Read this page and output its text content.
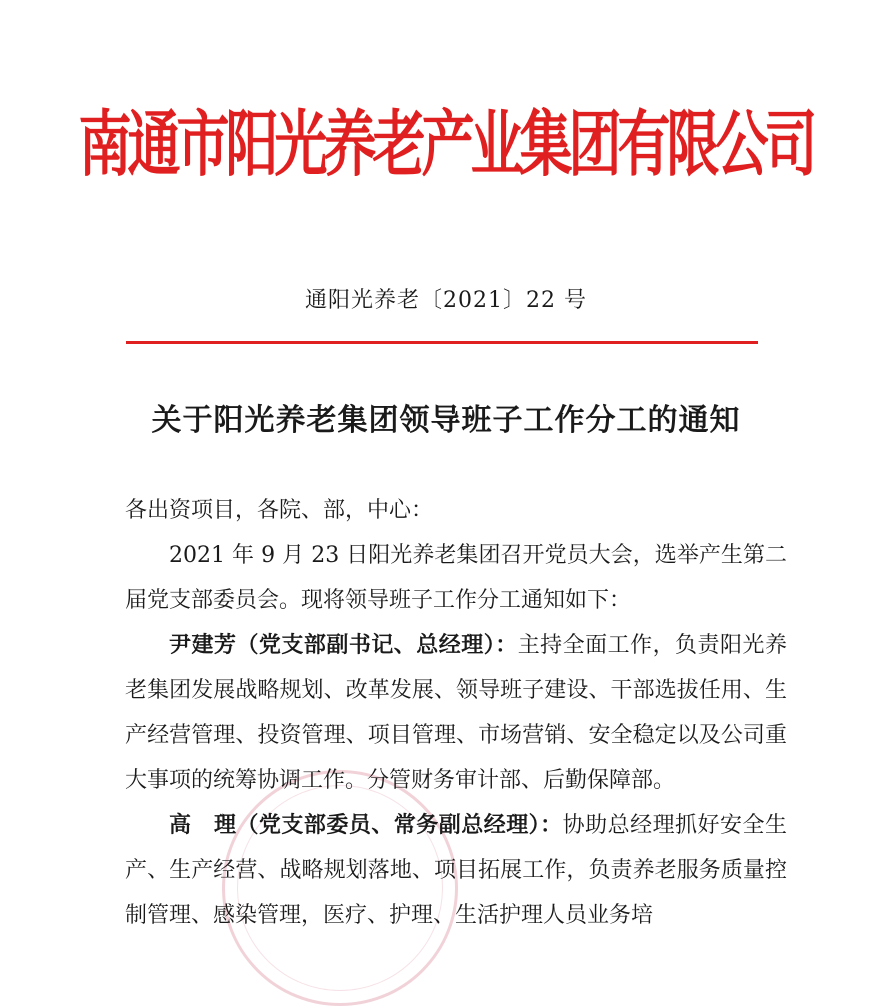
南通市阳光养老产业集团有限公司
通阳光养老〔2021〕22 号
关于阳光养老集团领导班子工作分工的通知

各出资项目，各院、部，中心：

2021 年 9 月 23 日阳光养老集团召开党员大会，选举产生第二届党支部委员会。现将领导班子工作分工通知如下：

尹建芳（党支部副书记、总经理）：主持全面工作，负责阳光养老集团发展战略规划、改革发展、领导班子建设、干部选拔任用、生产经营管理、投资管理、项目管理、市场营销、安全稳定以及公司重大事项的统筹协调工作。分管财务审计部、后勤保障部。

高　理（党支部委员、常务副总经理）：协助总经理抓好安全生产、生产经营、战略规划落地、项目拓展工作，负责养老服务质量控制管理、感染管理，医疗、护理、生活护理人员业务培
